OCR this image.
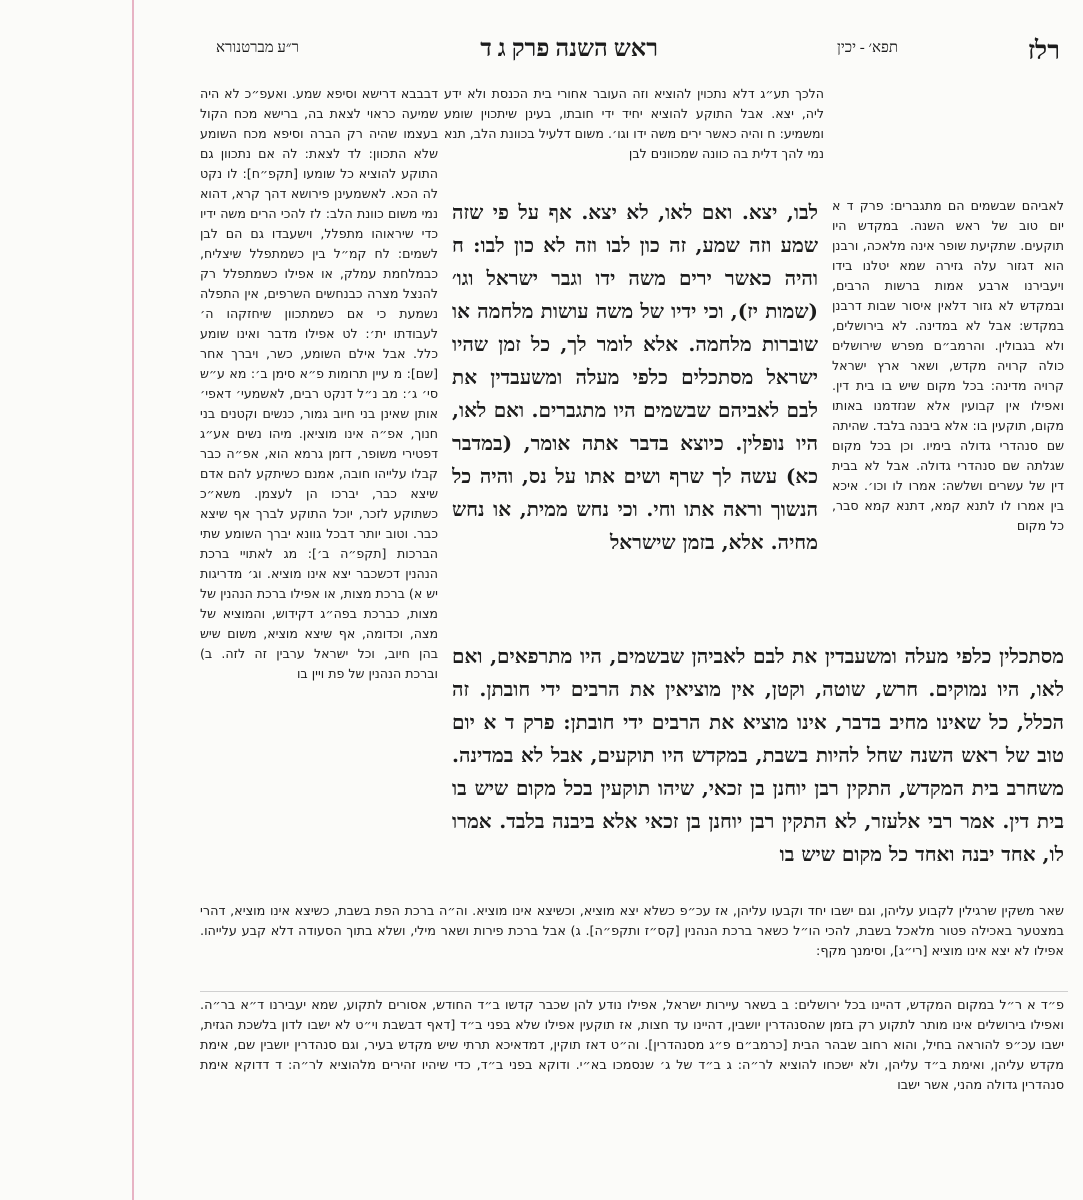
רלז
תפא׳ - יכין
ראש השנה פרק ג ד
ר״ע מברטנורא

הלכך תע״ג דלא נתכוין להוציא וזה העובר אחורי בית הכנסת ולא ידע ליה, יצא. אבל התוקע להוציא יחיד ידי חובתו, בעינן שיתכוין שומע ומשמיע: ח והיה כאשר ירים משה ידו וגו׳. משום דלעיל בכוונת הלב, תנא נמי להך דלית בה כוונה שמכוונים לבן

לאביהם שבשמים הם מתגברים: פרק ד א יום טוב של ראש השנה. במקדש היו תוקעים. שתקיעת שופר אינה מלאכה, ורבנן הוא דגזור עלה גזירה שמא יטלנו בידו ויעבירנו ארבע אמות ברשות הרבים, ובמקדש לא גזור דלאין איסור שבות דרבנן במקדש: אבל לא במדינה. לא בירושלים, ולא בגבולין. והרמב״ם מפרש שירושלים כולה קרויה מקדש, ושאר ארץ ישראל קרויה מדינה: בכל מקום שיש בו בית דין. ואפילו אין קבועין אלא שנזדמנו באותו מקום, תוקעין בו: אלא ביבנה בלבד. שהיתה שם סנהדרי גדולה בימיו. וכן בכל מקום שגלתה שם סנהדרי גדולה. אבל לא בבית דין של עשרים ושלשה: אמרו לו וכו׳. איכא בין אמרו לו לתנא קמא, דתנא קמא סבר, כל מקום

דבבבא דרישא וסיפא שמע. ואעפ״כ לא היה שמיעה כראוי לצאת בה, ברישא מכח הקול בעצמו שהיה רק הברה וסיפא מכח השומע שלא התכוון: לד לצאת: לה אם נתכוון גם התוקע להוציא כל שומעו [תקפ״ח]: לו נקט לה הכא. לאשמעינן פירושא דהך קרא, דהוא נמי משום כוונת הלב: לז להכי הרים משה ידיו כדי שיראוהו מתפלל, וישעבדו גם הם לבן לשמים: לח קמ״ל בין כשמתפלל שיצליח, כבמלחמת עמלק, או אפילו כשמתפלל רק להנצל מצרה כבנחשים השרפים, אין התפלה נשמעת כי אם כשמתכוון שיחזקהו ה׳ לעבודתו ית׳: לט אפילו מדבר ואינו שומע כלל. אבל אילם השומע, כשר, ויברך אחר [שם]: מ עיין תרומות פ״א סימן ב׳: מא ע״ש סי׳ ג׳: מב נ״ל דנקט רבים, לאשמעי׳ דאפי׳ אותן שאינן בני חיוב גמור, כנשים וקטנים בני חנוך, אפ״ה אינו מוציאן. מיהו נשים אע״ג דפטירי משופר, דזמן גרמא הוא, אפ״ה כבר קבלו עלייהו חובה, אמנם כשיתקע להם אדם שיצא כבר, יברכו הן לעצמן. משא״כ כשתוקע לזכר, יוכל התוקע לברך אף שיצא כבר. וטוב יותר דבכל גוונא יברך השומע שתי הברכות [תקפ״ה ב׳]: מג לאתויי ברכת הנהנין דכשכבר יצא אינו מוציא. וג׳ מדריגות יש א) ברכת מצות, או אפילו ברכת הנהנין של מצות, כברכת בפה״ג דקידוש, והמוציא של מצה, וכדומה, אף שיצא מוציא, משום שיש בהן חיוב, וכל ישראל ערבין זה לזה. ב) וברכת הנהנין של פת ויין בו

לבו, יצא. ואם לאו, לא יצא. אף על פי שזה שמע וזה שמע, זה כון לבו וזה לא כון לבו: ח והיה כאשר ירים משה ידו וגבר ישראל וגו׳ (שמות יז), וכי ידיו של משה עושות מלחמה או שוברות מלחמה. אלא לומר לך, כל זמן שהיו ישראל מסתכלים כלפי מעלה ומשעבדין את לבם לאביהם שבשמים היו מתגברים. ואם לאו, היו נופלין. כיוצא בדבר אתה אומר, (במדבר כא) עשה לך שרף ושים אתו על נס, והיה כל הנשוך וראה אתו וחי. וכי נחש ממית, או נחש מחיה. אלא, בזמן שישראל

מסתכלין כלפי מעלה ומשעבדין את לבם לאביהן שבשמים, היו מתרפאים, ואם לאו, היו נמוקים. חרש, שוטה, וקטן, אין מוציאין את הרבים ידי חובתן. זה הכלל, כל שאינו מחיב בדבר, אינו מוציא את הרבים ידי חובתן: פרק ד א יום טוב של ראש השנה שחל להיות בשבת, במקדש היו תוקעים, אבל לא במדינה. משחרב בית המקדש, התקין רבן יוחנן בן זכאי, שיהו תוקעין בכל מקום שיש בו בית דין. אמר רבי אלעזר, לא התקין רבן יוחנן בן זכאי אלא ביבנה בלבד. אמרו לו, אחד יבנה ואחד כל מקום שיש בו

שאר משקין שרגילין לקבוע עליהן, וגם ישבו יחד וקבעו עליהן, אז עכ״פ כשלא יצא מוציא, וכשיצא אינו מוציא. וה״ה ברכת הפת בשבת, כשיצא אינו מוציא, דהרי במצטער באכילה פטור מלאכל בשבת, להכי הו״ל כשאר ברכת הנהנין [קס״ז ותקפ״ה]. ג) אבל ברכת פירות ושאר מילי, ושלא בתוך הסעודה דלא קבע עלייהו. אפילו לא יצא אינו מוציא [רי״ג], וסימנך מקף:

פ״ד א ר״ל במקום המקדש, דהיינו בכל ירושלים: ב בשאר עיירות ישראל, אפילו נודע להן שכבר קדשו ב״ד החודש, אסורים לתקוע, שמא יעבירנו ד״א בר״ה. ואפילו בירושלים אינו מותר לתקוע רק בזמן שהסנהדרין יושבין, דהיינו עד חצות, אז תוקעין אפילו שלא בפני ב״ד [דאף דבשבת וי״ט לא ישבו לדון בלשכת הגזית, ישבו עכ״פ להוראה בחיל, והוא רחוב שבהר הבית [כרמב״ם פ״ג מסנהדרין]. וה״ט דאז תוקין, דמדאיכא תרתי שיש מקדש בעיר, וגם סנהדרין יושבין שם, אימת מקדש עליהן, ואימת ב״ד עליהן, ולא ישכחו להוציא לר״ה: ג ב״ד של ג׳ שנסמכו בא״י. ודוקא בפני ב״ד, כדי שיהיו זהירים מלהוציא לר״ה: ד דדוקא אימת סנהדרין גדולה מהני, אשר ישבו
